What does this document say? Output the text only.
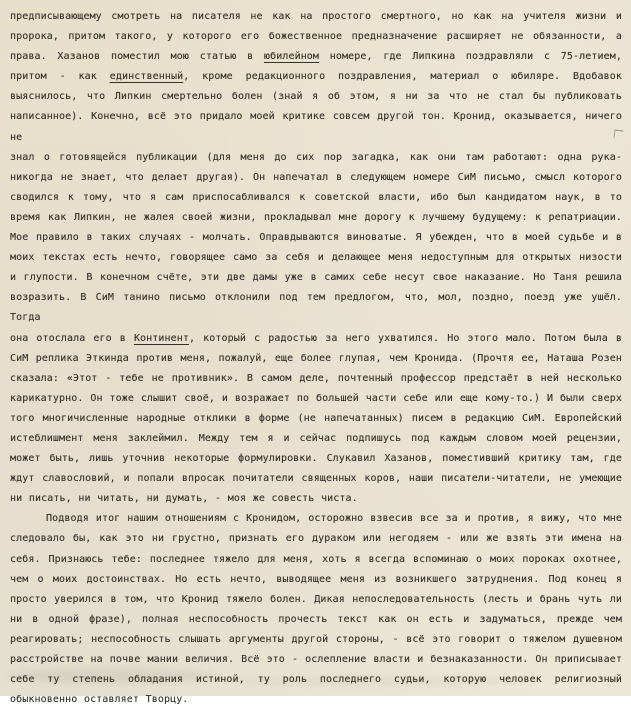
предписывающему смотреть на писателя не как на простого смертного, но как на учителя жизни и
пророка, притом такого, у которого его божественное предназначение расширяет не обязанности, а
права. Хазанов поместил мою статью в юбилейном номере, где Липкина поздравляли с 75-летием,
притом - как единственный, кроме редакционного поздравления, материал о юбиляре. Вдобавок
выяснилось, что Липкин смертельно болен (знай я об этом, я ни за что не стал бы публиковать
написанное). Конечно, всё это придало моей критике совсем другой тон. Кронид, оказывается, ничего не
знал о готовящейся публикации (для меня до сих пор загадка, как они там работают: одна рука-
никогда не знает, что делает другая). Он напечатал в следующем номере СиМ письмо, смысл которого
сводился к тому, что я сам приспосабливался к советской власти, ибо был кандидатом наук, в то
время как Липкин, не жалея своей жизни, прокладывал мне дорогу к лучшему будущему: к репатриации.
Мое правило в таких случаях - молчать. Оправдываются виноватые. Я убежден, что в моей судьбе и в
моих текстах есть нечто, говорящее само за себя и делающее меня недоступным для открытых низости
и глупости. В конечном счёте, эти две дамы уже в самих себе несут свое наказание. Но Таня решила
возразить. В СиМ танино письмо отклонили под тем предлогом, что, мол, поздно, поезд уже ушёл. Тогда
она отослала его в Континент, который с радостью за него ухватился. Но этого мало. Потом была в
СиМ реплика Эткинда против меня, пожалуй, еще более глупая, чем Кронида. (Прочтя ее, Наташа Розен
сказала: «Этот - тебе не противник». В самом деле, почтенный профессор предстаёт в ней несколько
карикатурно. Он тоже слышит своё, и возражает по большей части себе или еще кому-то.) И были сверх
того многичисленные народные отклики в форме (не напечатанных) писем в редакцию СиМ. Европейский
истеблишмент меня заклеймил. Между тем я и сейчас подпишусь под каждым словом моей рецензии,
может быть, лишь уточнив некоторые формулировки. Слукавил Хазанов, поместивший критику там, где
ждут славословий, и попали впросак почитатели священных коров, наши писатели-читатели, не умеющие
ни писать, ни читать, ни думать, - моя же совесть чиста.
Подводя итог нашим отношениям с Кронидом, осторожно взвесив все за и против, я вижу, что мне
следовало бы, как это ни грустно, признать его дураком или негодяем - или же взять эти имена на
себя. Признаюсь тебе: последнее тяжело для меня, хоть я всегда вспоминаю о моих пороках охотнее,
чем о моих достоинствах. Но есть нечто, выводящее меня из возникшего затруднения. Под конец я
просто уверился в том, что Кронид тяжело болен. Дикая непоследовательность (лесть и брань чуть ли
ни в одной фразе), полная неспособность прочесть текст как он есть и задуматься, прежде чем
реагировать; неспособность слышать аргументы другой стороны, - всё это говорит о тяжелом душевном
расстройстве на почве мании величия. Всё это - ослепление власти и безнаказанности. Он приписывает
себе ту степень обладания истиной, ту роль последнего судьи, которую человек религиозный
обыкновенно оставляет Творцу.
